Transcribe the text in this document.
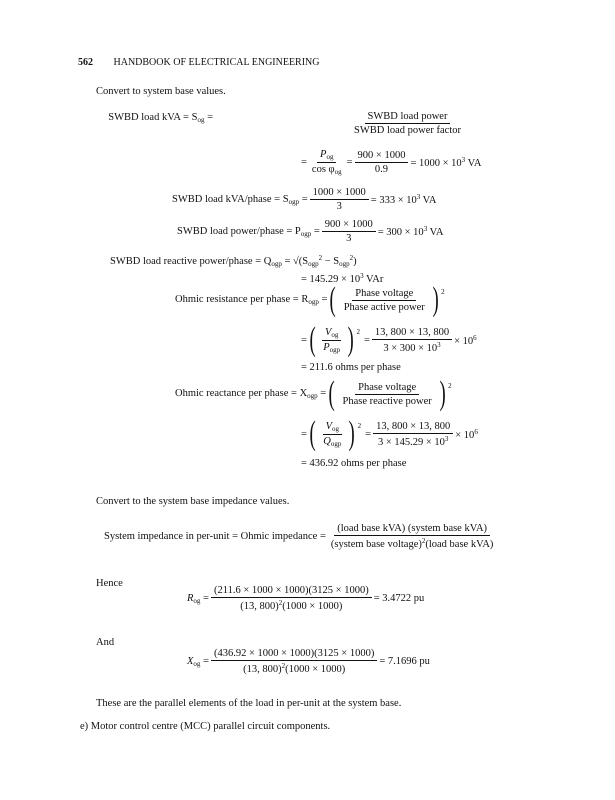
562 HANDBOOK OF ELECTRICAL ENGINEERING
Convert to system base values.
SWBD load kVA = $S_{og}$ =	$\frac{\text{SWBD load power}}{\text{SWBD load power factor}}$
= $\frac{P_{og}}{\cos \varphi_{og}} = \frac{900 \times 1000}{0.9} = 1000 \times 10^3$ VA
SWBD load kVA/phase = $S_{ogp} = \frac{1000 \times 1000}{3} = 333 \times 10^3$ VA
SWBD load power/phase = $P_{ogp} = \frac{900 \times 1000}{3} = 300 \times 10^3$ VA
SWBD load reactive power/phase = $Q_{ogp} = √(S_{ogp}^2 - S_{ogp}^2)$
= $145.29 \times 10^3$ VAr
Ohmic resistance per phase = $R_{ogp}$ = ( $\frac{\text{Phase voltage}}{\text{Phase active power}}$ ) $^2$
= ( $\frac{V_{og}}{P_{ogp}}$ ) $^2$
= $\frac{13, 800 \times 13, 800}{3 \times 300 \times 10^3} \times 10^6$
= 211.6 ohms per phase
Ohmic reactance per phase = $X_{ogp}$ = ( $\frac{\text{Phase voltage}}{\text{Phase reactive power}}$ ) $^2$
= ( $\frac{V_{og}}{Q_{ogp}}$ ) $^2$
= $\frac{13, 800 \times 13, 800}{3 \times 145.29 \times 10^3} \times 10^6$
= 436.92 ohms per phase
Convert to the system base impedance values.
System impedance in per-unit = Ohmic impedance = $\frac{\text{(load base kVA) (system base kVA)}}{(system base voltage)^2(load base kVA)}$
Hence
$R_{og} = \frac{(211.6 \times 1000 \times 1000)(3125 \times 1000)}{(13, 800)^2(1000 \times 1000)} = 3.4722$ pu
And
$X_{og} = \frac{(436.92 \times 1000 \times 1000)(3125 \times 1000)}{(13, 800)^2(1000 \times 1000)} = 7.1696$ pu
These are the parallel elements of the load in per-unit at the system base.
e) Motor control centre (MCC) parallel circuit components.
